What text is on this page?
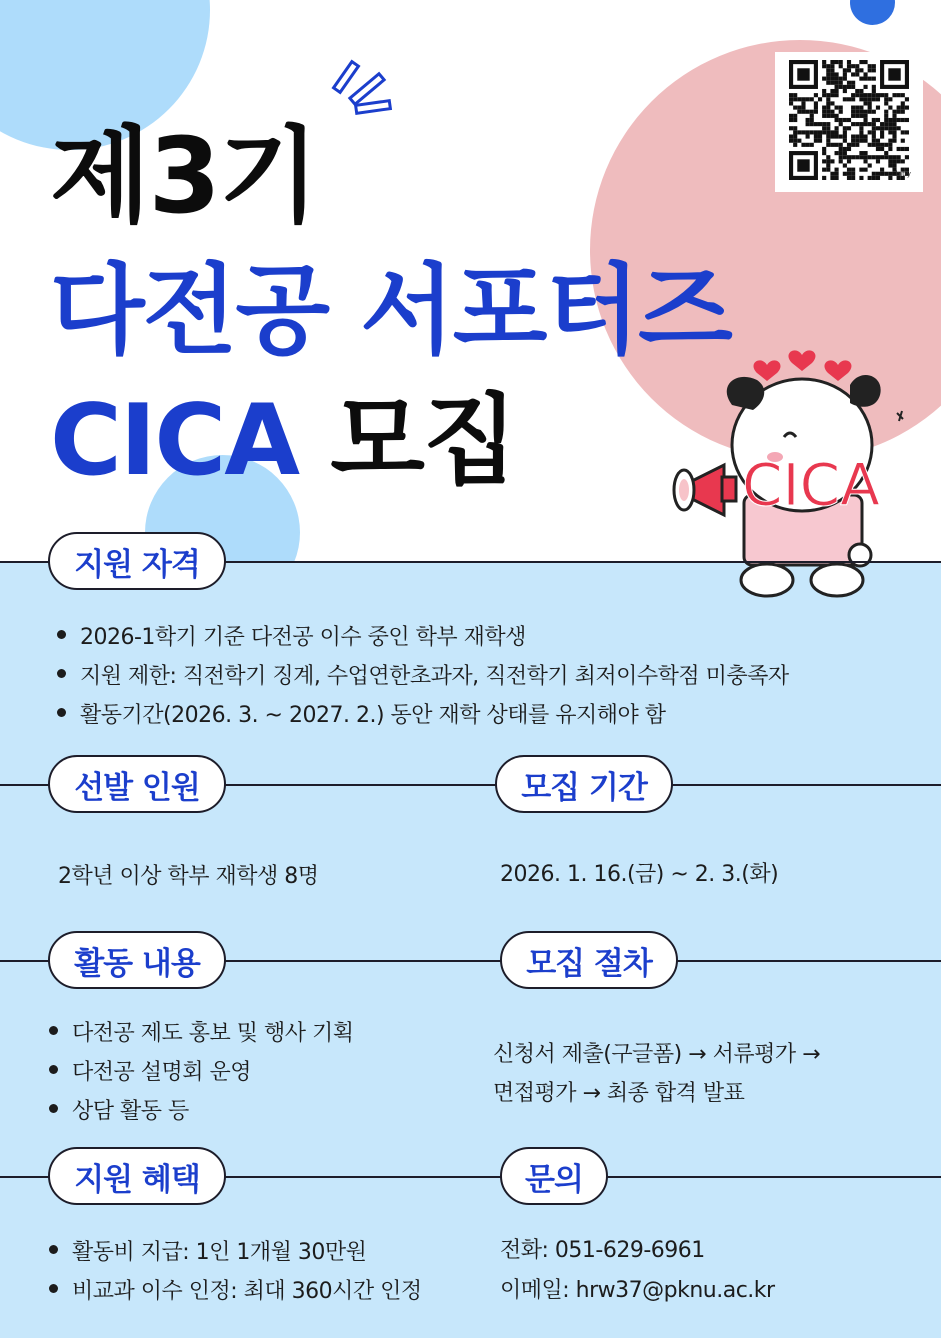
제3기
다전공 서포터즈
CICA 모집
bitly
CICA
지원 자격
2026-1학기 기준 다전공 이수 중인 학부 재학생
지원 제한: 직전학기 징계, 수업연한초과자, 직전학기 최저이수학점 미충족자
활동기간(2026. 3. ~ 2027. 2.) 동안 재학 상태를 유지해야 함
선발 인원
2학년 이상 학부 재학생 8명
모집 기간
2026. 1. 16.(금) ~ 2. 3.(화)
활동 내용
다전공 제도 홍보 및 행사 기획
다전공 설명회 운영
상담 활동 등
모집 절차
신청서 제출(구글폼) → 서류평가 →
면접평가 → 최종 합격 발표
지원 혜택
활동비 지급: 1인 1개월 30만원
비교과 이수 인정: 최대 360시간 인정
문의
전화: 051-629-6961
이메일: hrw37@pknu.ac.kr
